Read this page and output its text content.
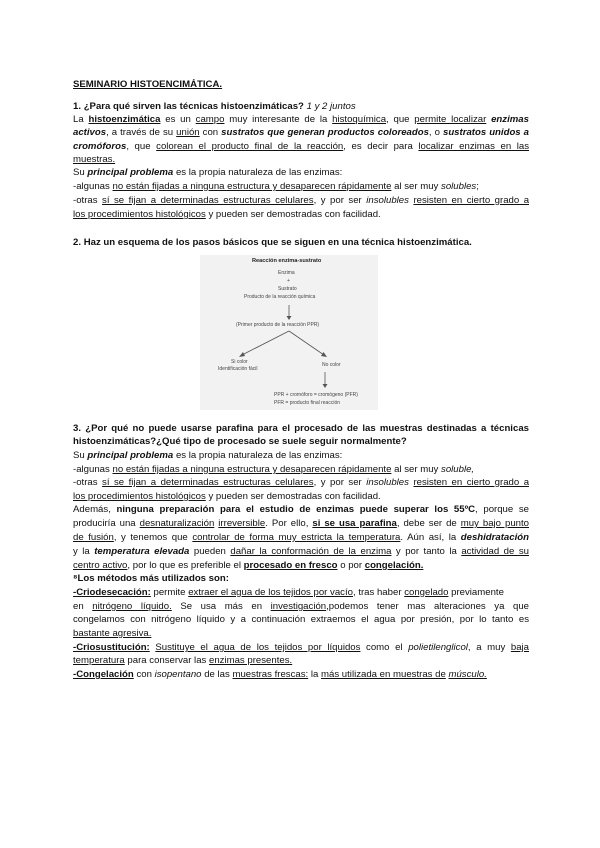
SEMINARIO HISTOENCIMÁTICA.
1. ¿Para qué sirven las técnicas histoenzimáticas? 1 y 2 juntos
La histoenzimática es un campo muy interesante de la histoquímica, que permite localizar enzimas
activos, a través de su unión con sustratos que generan productos coloreados, o sustratos unidos a
cromóforos, que colorean el producto final de la reacción, es decir para localizar enzimas en las
muestras.
Su principal problema es la propia naturaleza de las enzimas:
-algunas no están fijadas a ninguna estructura y desaparecen rápidamente al ser muy solubles;
-otras sí se fijan a determinadas estructuras celulares, y por ser insolubles resisten en cierto grado a
los procedimientos histológicos y pueden ser demostradas con facilidad.
2. Haz un esquema de los pasos básicos que se siguen en una técnica histoenzimática.
Reacción enzima-sustrato
Enzima
+
Sustrato
Producto de la reacción química
(Primer producto de la reacción PPR)
Si color
Identificación fácil
No color
PPR + cromóforo = cromógeno (PFR)
PFR = producto final reacción
3. ¿Por qué no puede usarse parafina para el procesado de las muestras destinadas a técnicas
histoenzimáticas?¿Qué tipo de procesado se suele seguir normalmente?
Su principal problema es la propia naturaleza de las enzimas:
-algunas no están fijadas a ninguna estructura y desaparecen rápidamente al ser muy soluble,
-otras sí se fijan a determinadas estructuras celulares, y por ser insolubles resisten en cierto grado a
los procedimientos histológicos y pueden ser demostradas con facilidad.
Además, ninguna preparación para el estudio de enzimas puede superar los 55ºC, porque se
produciría una desnaturalización irreversible. Por ello, si se usa parafina, debe ser de muy bajo punto
de fusión, y tenemos que controlar de forma muy estricta la temperatura. Aún así, la deshidratación
y la temperatura elevada pueden dañar la conformación de la enzima y por tanto la actividad de su
centro activo, por lo que es preferible el procesado en fresco o por congelación.
⁸Los métodos más utilizados son:
-Criodesecación: permite extraer el agua de los tejidos por vacío, tras haber congelado previamente
en nitrógeno líquido. Se usa más en investigación,podemos tener mas alteraciones ya que
congelamos con nitrógeno líquido y a continuación extraemos el agua por presión, por lo tanto es
bastante agresiva.
-Criosustitución: Sustituye el agua de los tejidos por líquidos como el polietilenglicol, a muy baja
temperatura para conservar las enzimas presentes.
-Congelación con isopentano de las muestras frescas: la más utilizada en muestras de músculo.
